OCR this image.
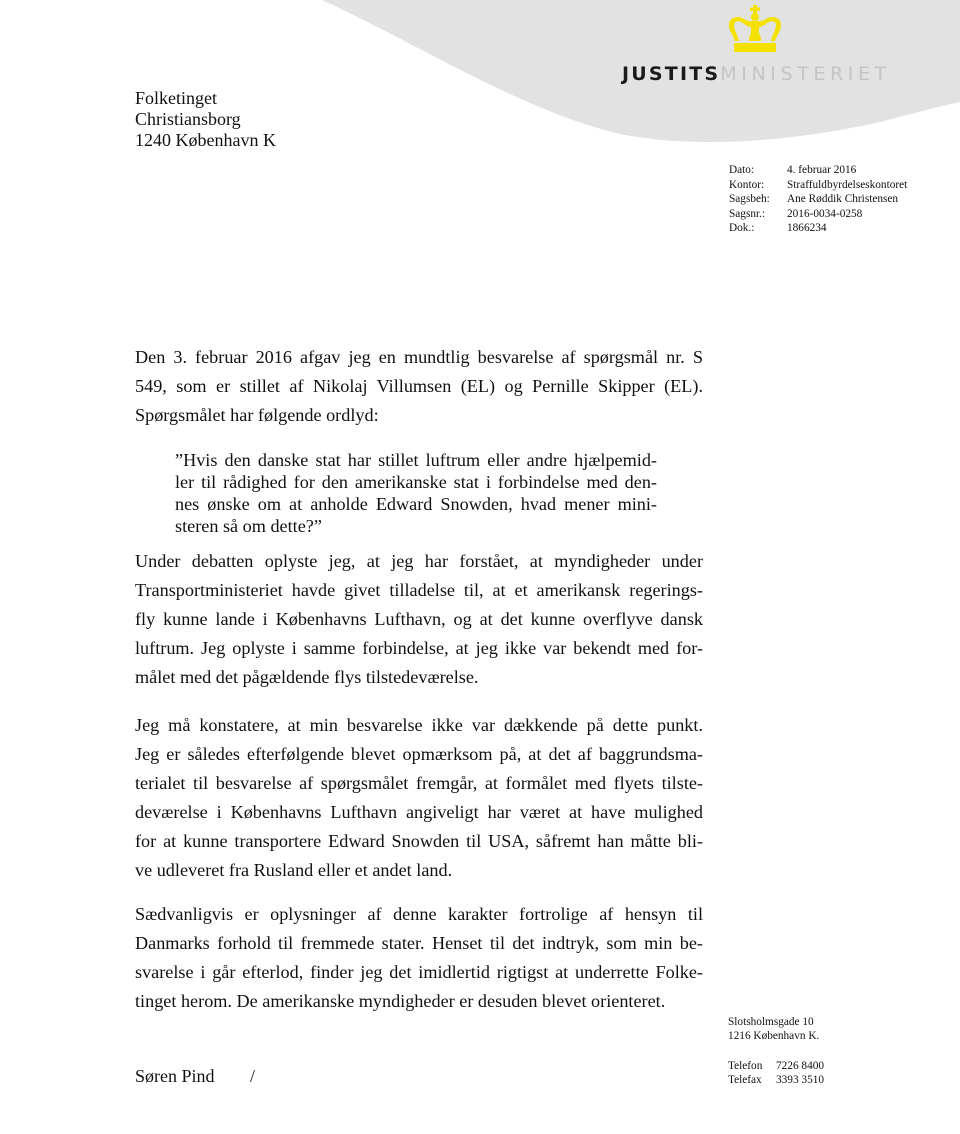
JUSTITSMINISTERIET
Folketinget
Christiansborg
1240 København K
Dato:	4. februar 2016
Kontor:	Straffuldbyrdelseskontoret
Sagsbeh:	Ane Røddik Christensen
Sagsnr.:	2016-0034-0258
Dok.:	1866234
Den 3. februar 2016 afgav jeg en mundtlig besvarelse af spørgsmål nr. S
549, som er stillet af Nikolaj Villumsen (EL) og Pernille Skipper (EL).
Spørgsmålet har følgende ordlyd:
”Hvis den danske stat har stillet luftrum eller andre hjælpemid-
ler til rådighed for den amerikanske stat i forbindelse med den-
nes ønske om at anholde Edward Snowden, hvad mener mini-
steren så om dette?”
Under debatten oplyste jeg, at jeg har forstået, at myndigheder under
Transportministeriet havde givet tilladelse til, at et amerikansk regerings-
fly kunne lande i Københavns Lufthavn, og at det kunne overflyve dansk
luftrum. Jeg oplyste i samme forbindelse, at jeg ikke var bekendt med for-
målet med det pågældende flys tilstedeværelse.
Jeg må konstatere, at min besvarelse ikke var dækkende på dette punkt.
Jeg er således efterfølgende blevet opmærksom på, at det af baggrundsma-
terialet til besvarelse af spørgsmålet fremgår, at formålet med flyets tilste-
deværelse i Københavns Lufthavn angiveligt har været at have mulighed
for at kunne transportere Edward Snowden til USA, såfremt han måtte bli-
ve udleveret fra Rusland eller et andet land.
Sædvanligvis er oplysninger af denne karakter fortrolige af hensyn til
Danmarks forhold til fremmede stater. Henset til det indtryk, som min be-
svarelse i går efterlod, finder jeg det imidlertid rigtigst at underrette Folke-
tinget herom. De amerikanske myndigheder er desuden blevet orienteret.
Søren Pind /
Slotsholmsgade 10
1216 København K.
Telefon	7226 8400
Telefax	3393 3510
